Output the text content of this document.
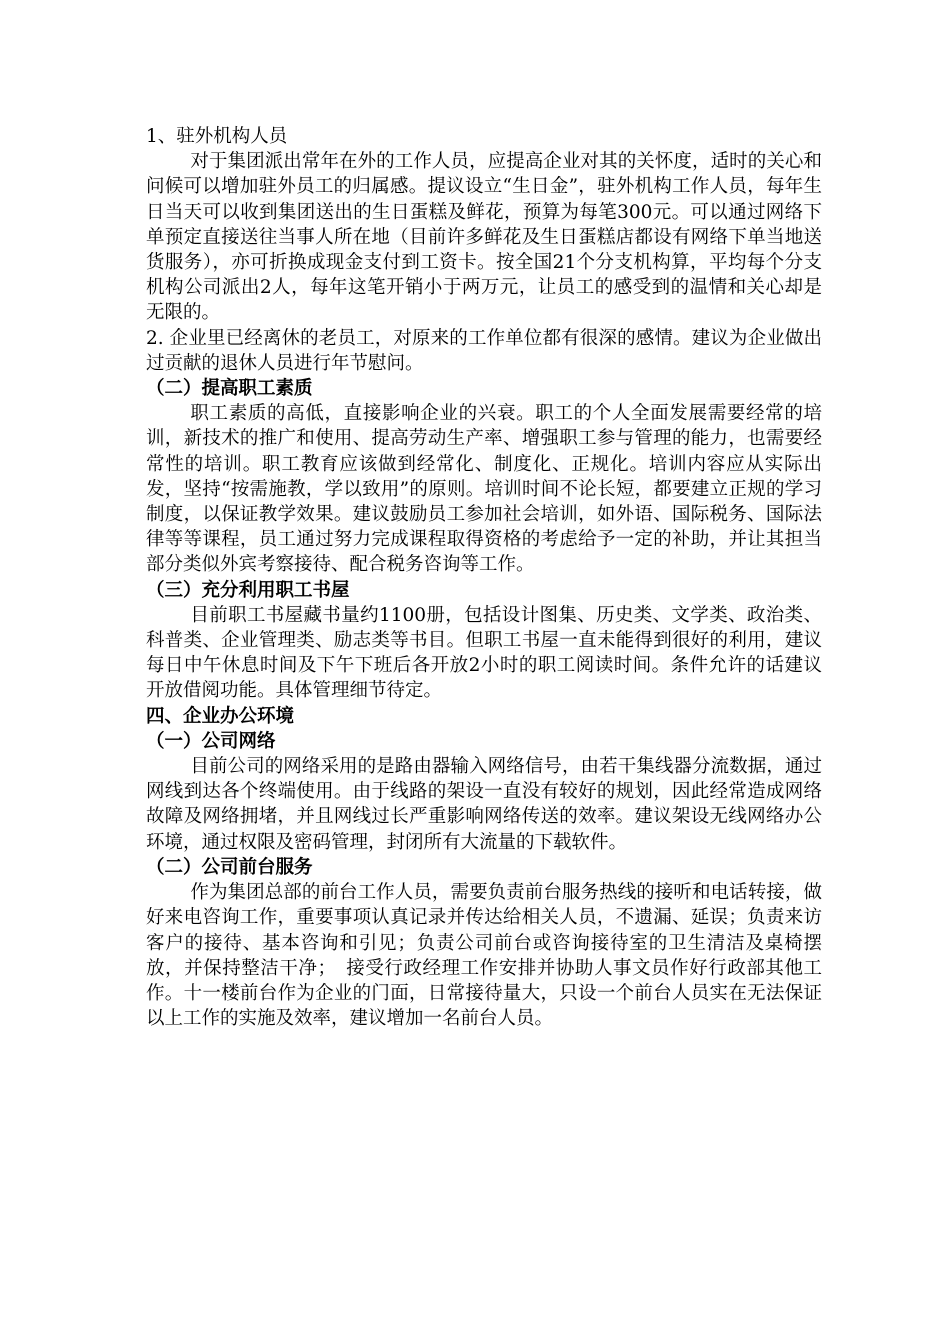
1、驻外机构人员

对于集团派出常年在外的工作人员，应提高企业对其的关怀度，适时的关心和问候可以增加驻外员工的归属感。提议设立“生日金”，驻外机构工作人员，每年生日当天可以收到集团送出的生日蛋糕及鲜花，预算为每笔300元。可以通过网络下单预定直接送往当事人所在地（目前许多鲜花及生日蛋糕店都设有网络下单当地送货服务），亦可折换成现金支付到工资卡。按全国21个分支机构算，平均每个分支机构公司派出2人，每年这笔开销小于两万元，让员工的感受到的温情和关心却是无限的。

2. 企业里已经离休的老员工，对原来的工作单位都有很深的感情。建议为企业做出过贡献的退休人员进行年节慰问。

（二）提高职工素质

职工素质的高低，直接影响企业的兴衰。职工的个人全面发展需要经常的培训，新技术的推广和使用、提高劳动生产率、增强职工参与管理的能力，也需要经常性的培训。职工教育应该做到经常化、制度化、正规化。培训内容应从实际出发，坚持“按需施教，学以致用”的原则。培训时间不论长短，都要建立正规的学习制度，以保证教学效果。建议鼓励员工参加社会培训，如外语、国际税务、国际法律等等课程，员工通过努力完成课程取得资格的考虑给予一定的补助，并让其担当部分类似外宾考察接待、配合税务咨询等工作。

（三）充分利用职工书屋

目前职工书屋藏书量约1100册，包括设计图集、历史类、文学类、政治类、科普类、企业管理类、励志类等书目。但职工书屋一直未能得到很好的利用，建议每日中午休息时间及下午下班后各开放2小时的职工阅读时间。条件允许的话建议开放借阅功能。具体管理细节待定。

四、企业办公环境

（一）公司网络

目前公司的网络采用的是路由器输入网络信号，由若干集线器分流数据，通过网线到达各个终端使用。由于线路的架设一直没有较好的规划，因此经常造成网络故障及网络拥堵，并且网线过长严重影响网络传送的效率。建议架设无线网络办公环境，通过权限及密码管理，封闭所有大流量的下载软件。

（二）公司前台服务

作为集团总部的前台工作人员，需要负责前台服务热线的接听和电话转接，做好来电咨询工作，重要事项认真记录并传达给相关人员，不遗漏、延误；负责来访客户的接待、基本咨询和引见；负责公司前台或咨询接待室的卫生清洁及桌椅摆放，并保持整洁干净；　接受行政经理工作安排并协助人事文员作好行政部其他工作。十一楼前台作为企业的门面，日常接待量大，只设一个前台人员实在无法保证以上工作的实施及效率，建议增加一名前台人员。
